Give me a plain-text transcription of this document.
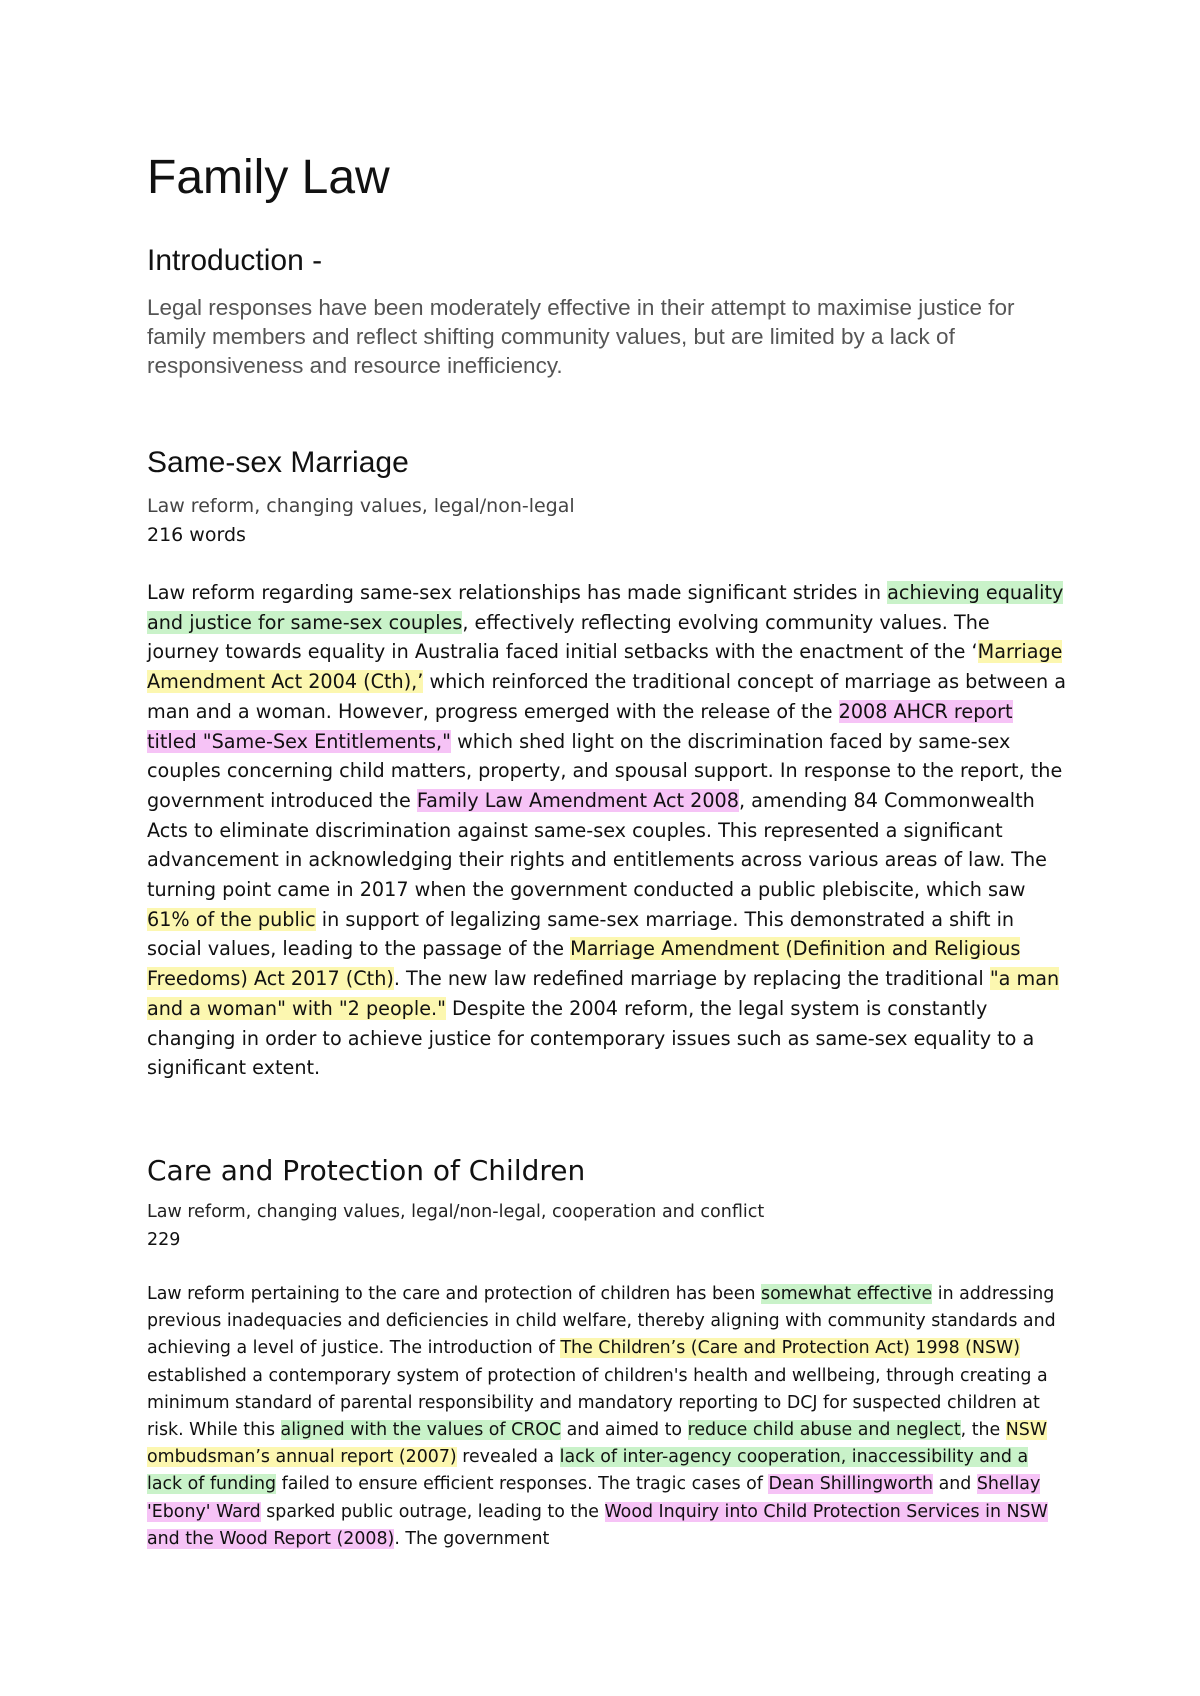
Family Law
Introduction -

Legal responses have been moderately effective in their attempt to maximise justice for family members and reflect shifting community values, but are limited by a lack of responsiveness and resource inefficiency.

Same-sex Marriage
Law reform, changing values, legal/non-legal
216 words

Law reform regarding same-sex relationships has made significant strides in achieving equality and justice for same-sex couples, effectively reflecting evolving community values. The journey towards equality in Australia faced initial setbacks with the enactment of the ‘Marriage Amendment Act 2004 (Cth),’ which reinforced the traditional concept of marriage as between a man and a woman. However, progress emerged with the release of the 2008 AHCR report titled "Same-Sex Entitlements," which shed light on the discrimination faced by same-sex couples concerning child matters, property, and spousal support. In response to the report, the government introduced the Family Law Amendment Act 2008, amending 84 Commonwealth Acts to eliminate discrimination against same-sex couples. This represented a significant advancement in acknowledging their rights and entitlements across various areas of law. The turning point came in 2017 when the government conducted a public plebiscite, which saw 61% of the public in support of legalizing same-sex marriage. This demonstrated a shift in social values, leading to the passage of the Marriage Amendment (Definition and Religious Freedoms) Act 2017 (Cth). The new law redefined marriage by replacing the traditional "a man and a woman" with "2 people." Despite the 2004 reform, the legal system is constantly changing in order to achieve justice for contemporary issues such as same-sex equality to a significant extent.

Care and Protection of Children
Law reform, changing values, legal/non-legal, cooperation and conflict
229

Law reform pertaining to the care and protection of children has been somewhat effective in addressing previous inadequacies and deficiencies in child welfare, thereby aligning with community standards and achieving a level of justice. The introduction of The Children’s (Care and Protection Act) 1998 (NSW) established a contemporary system of protection of children's health and wellbeing, through creating a minimum standard of parental responsibility and mandatory reporting to DCJ for suspected children at risk. While this aligned with the values of CROC and aimed to reduce child abuse and neglect, the NSW ombudsman’s annual report (2007) revealed a lack of inter-agency cooperation, inaccessibility and a lack of funding failed to ensure efficient responses. The tragic cases of Dean Shillingworth and Shellay 'Ebony' Ward sparked public outrage, leading to the Wood Inquiry into Child Protection Services in NSW and the Wood Report (2008). The government
